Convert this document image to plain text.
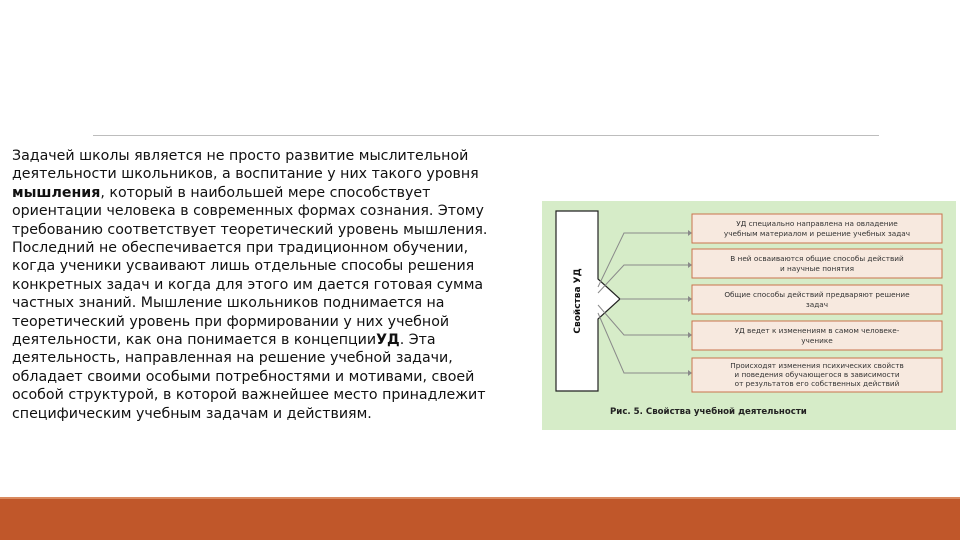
Задачей школы является не просто развитие мыслительной деятельности школьников, а воспитание у них такого уровня мышления, который в наибольшей мере способствует ориентации человека в современных формах сознания. Этому требованию соответствует теоретический уровень мышления. Последний не обеспечивается при традиционном обучении, когда ученики усваивают лишь отдельные способы решения конкретных задач и когда для этого им дается готовая сумма частных знаний. Мышление школьников поднимается на теоретический уровень при формировании у них учебной деятельности, как она понимается в концепцииУД. Эта деятельность, направленная на решение учебной задачи, обладает своими особыми потребностями и мотивами, своей особой структурой, в которой важнейшее место принадлежит специфическим учебным задачам и действиям.
Свойства УД
УД специально направлена на овладение
учебным материалом и решение учебных задач
В ней осваиваются общие способы действий
и научные понятия
Общие способы действий предваряют решение
задач
УД ведет к изменениям в самом человеке-
ученике
Происходят изменения психических свойств
и поведения обучающегося в зависимости
от результатов его собственных действий
Рис. 5. Свойства учебной деятельности
